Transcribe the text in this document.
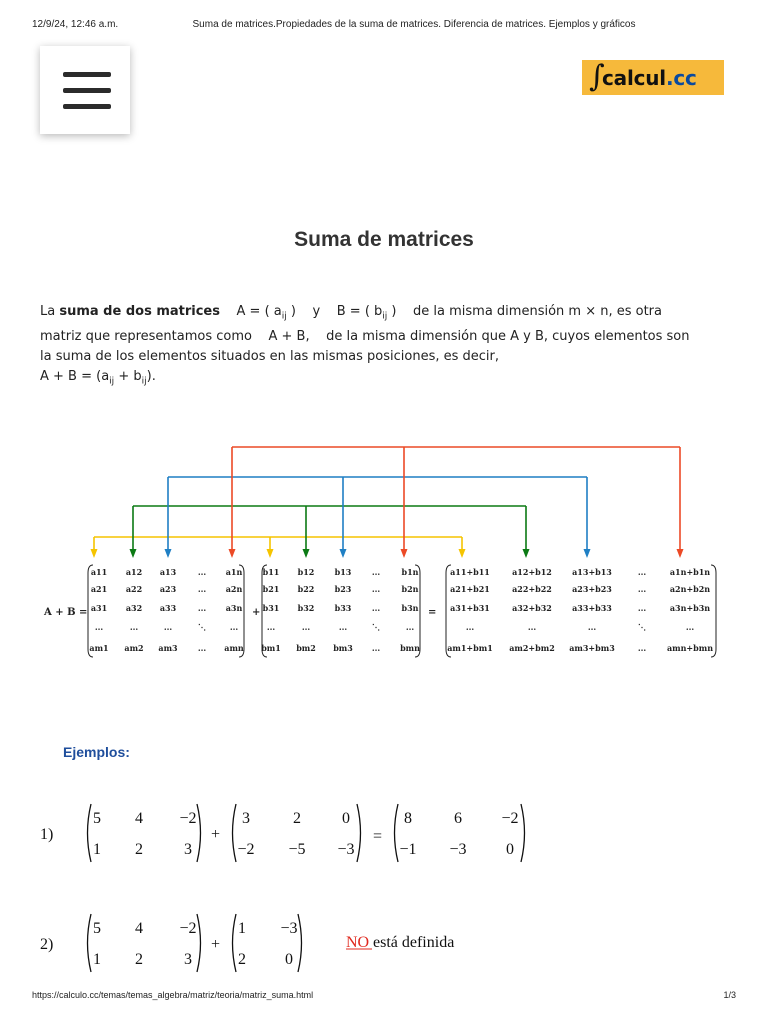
12/9/24, 12:46 a.m.	Suma de matrices.Propiedades de la suma de matrices. Diferencia de matrices. Ejemplos y gráficos
∫
calcul.cc
Suma de matrices
La suma de dos matrices A = ( $a_{ij}$ )    y    B = ( $b_{ij}$ )    de la misma dimensión m × n, es otra
matriz que representamos como    A + B,    de la misma dimensión que A y B, cuyos elementos son
la suma de los elementos situados en las mismas posiciones, es decir,
$A + B = (a_{ij} + b_{ij})$.
A + B =
a11 a12 a13	... a1n
a21 a22 a23	... a2n
a31 a32 a33	... a3n
...	...	...	⋱	...
am1 am2 am3	... amn
+
b11 b12	b13	...	b1n
b21 b22	b23	...	b2n
b31 b32	b33	...	b3n
...	...	...	⋱	...
bm1 bm2 bm3 ... bmn
=
a11+b11	a12+b12	a13+b13	...	a1n+b1n
a21+b21	a22+b22	a23+b23	...	a2n+b2n
a31+b31	a32+b32	a33+b33	...	a3n+b3n
...	...	...	⋱	...
am1+bm1 am2+bm2 am3+bm3	...	amn+bmn
Ejemplos:
1)
5 4 −2
1 2	3
+
3	2	0
−2 −5 −3
=
8	6 −2
−1 −3 0
2)
5 4 −2
1 2	3
+
1 −3
2 0
NO está definida
https://calculo.cc/temas/temas_algebra/matriz/teoria/matriz_suma.html	1/3
